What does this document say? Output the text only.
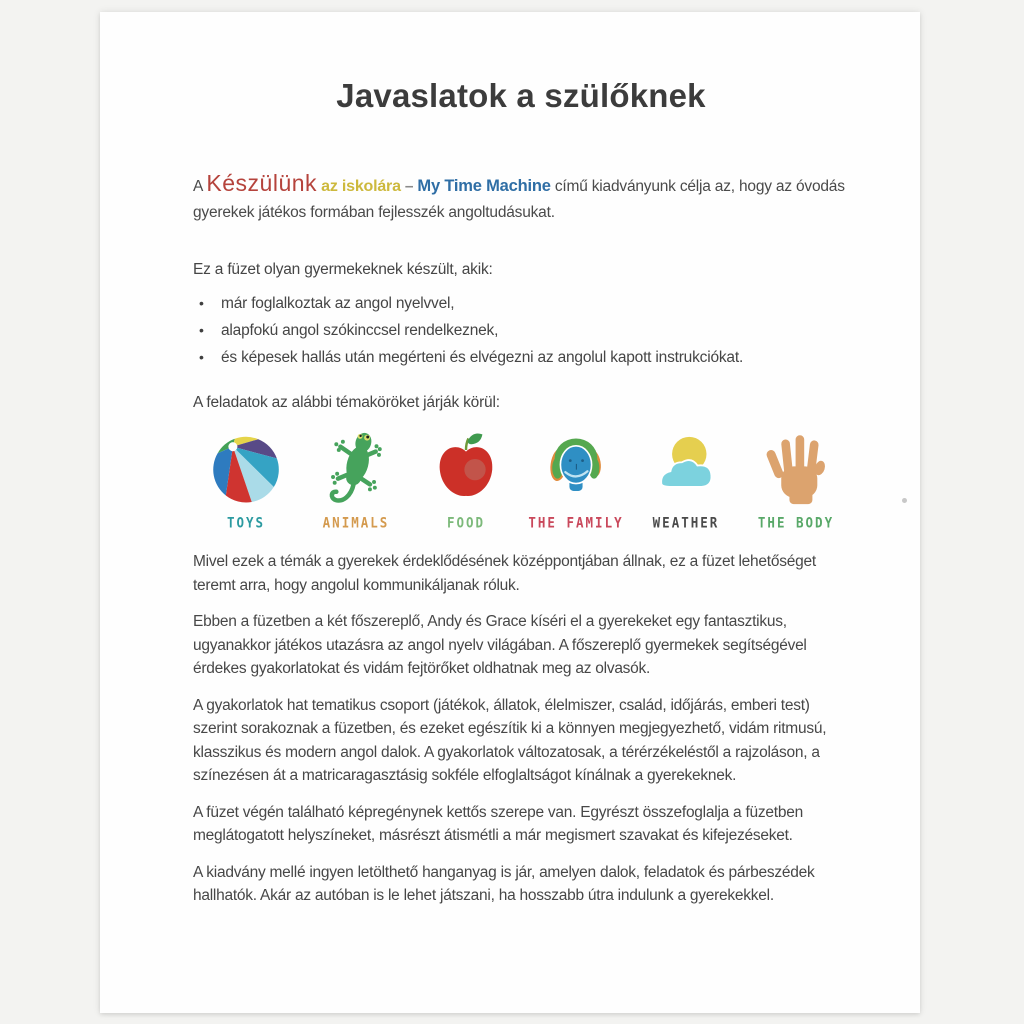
Javaslatok a szülőknek
A Készülünk az iskolára – My Time Machine című kiadványunk célja az, hogy az óvodás gyerekek játékos formában fejlesszék angoltudásukat.
Ez a füzet olyan gyermekeknek készült, akik:
•	már foglalkoztak az angol nyelvvel,
•	alapfokú angol szókinccsel rendelkeznek,
•	és képesek hallás után megérteni és elvégezni az angolul kapott instrukciókat.
A feladatok az alábbi témaköröket járják körül:
TOYS	ANIMALS	FOOD	THE FAMILY WEATHER	THE BODY
Mivel ezek a témák a gyerekek érdeklődésének középpontjában állnak, ez a füzet lehetőséget teremt arra, hogy angolul kommunikáljanak róluk.
Ebben a füzetben a két főszereplő, Andy és Grace kíséri el a gyerekeket egy fantasztikus, ugyanakkor játékos utazásra az angol nyelv világában. A főszereplő gyermekek segítségével érdekes gyakorlatokat és vidám fejtörőket oldhatnak meg az olvasók.
A gyakorlatok hat tematikus csoport (játékok, állatok, élelmiszer, család, időjárás, emberi test) szerint sorakoznak a füzetben, és ezeket egészítik ki a könnyen megjegyezhető, vidám ritmusú, klasszikus és modern angol dalok. A gyakorlatok változatosak, a térérzékeléstől a rajzoláson, a színezésen át a matricaragasztásig sokféle elfoglaltságot kínálnak a gyerekeknek.
A füzet végén található képregénynek kettős szerepe van. Egyrészt összefoglalja a füzetben meglátogatott helyszíneket, másrészt átismétli a már megismert szavakat és kifejezéseket.
A kiadvány mellé ingyen letölthető hanganyag is jár, amelyen dalok, feladatok és párbeszédek hallhatók. Akár az autóban is le lehet játszani, ha hosszabb útra indulunk a gyerekekkel.
